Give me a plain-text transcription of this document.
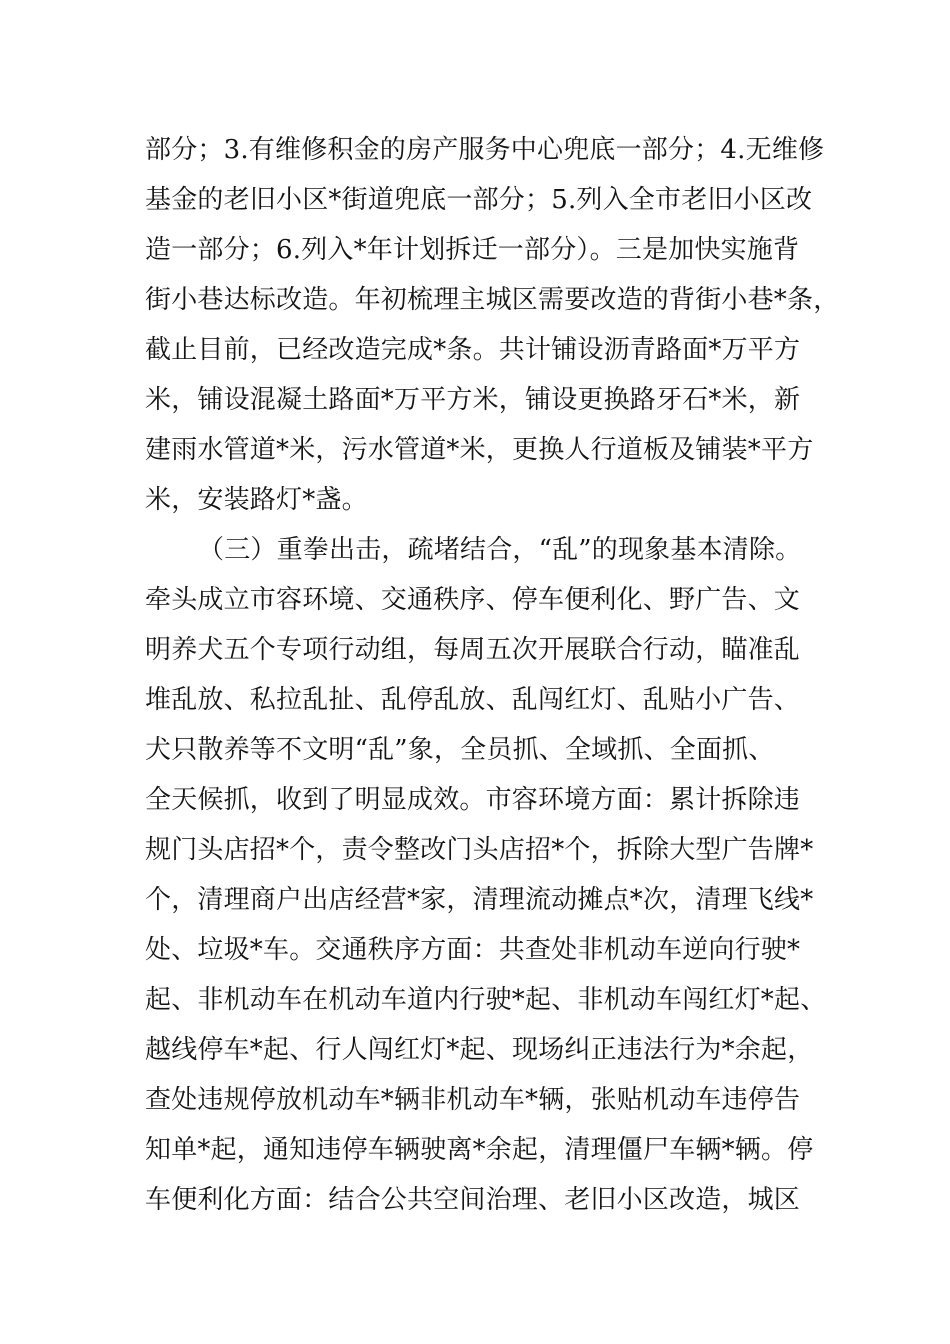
部分；3.有维修积金的房产服务中心兜底一部分；4.无维修

基金的老旧小区*街道兜底一部分；5.列入全市老旧小区改

造一部分；6.列入*年计划拆迁一部分）。三是加快实施背

街小巷达标改造。年初梳理主城区需要改造的背街小巷*条，

截止目前，已经改造完成*条。共计铺设沥青路面*万平方

米，铺设混凝土路面*万平方米，铺设更换路牙石*米，新

建雨水管道*米，污水管道*米，更换人行道板及铺装*平方

米，安装路灯*盏。

（三）重拳出击，疏堵结合，“乱”的现象基本清除。

牵头成立市容环境、交通秩序、停车便利化、野广告、文

明养犬五个专项行动组，每周五次开展联合行动，瞄准乱

堆乱放、私拉乱扯、乱停乱放、乱闯红灯、乱贴小广告、

犬只散养等不文明“乱”象，全员抓、全域抓、全面抓、

全天候抓，收到了明显成效。市容环境方面：累计拆除违

规门头店招*个，责令整改门头店招*个，拆除大型广告牌*

个，清理商户出店经营*家，清理流动摊点*次，清理飞线*

处、垃圾*车。交通秩序方面：共查处非机动车逆向行驶*

起、非机动车在机动车道内行驶*起、非机动车闯红灯*起、

越线停车*起、行人闯红灯*起、现场纠正违法行为*余起，

查处违规停放机动车*辆非机动车*辆，张贴机动车违停告

知单*起，通知违停车辆驶离*余起，清理僵尸车辆*辆。停

车便利化方面：结合公共空间治理、老旧小区改造，城区
